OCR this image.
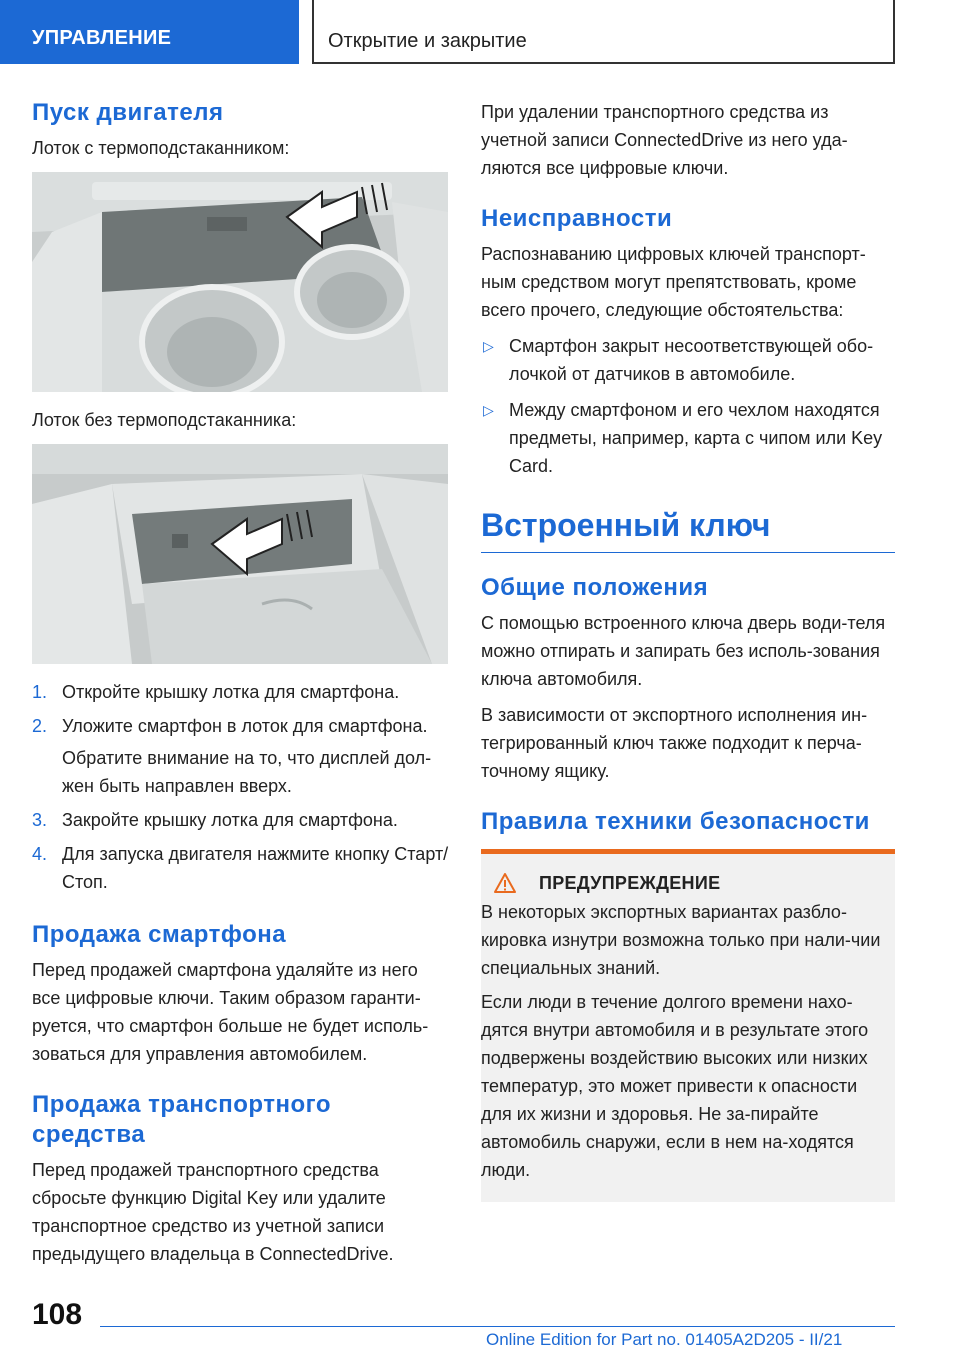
УПРАВЛЕНИЕ	Открытие и закрытие
Пуск двигателя

Лоток с термоподстаканником:

Лоток без термоподстаканника:

1. Откройте крышку лотка для смартфона.
2. Уложите смартфон в лоток для смартфона.

Обратите внимание на то, что дисплей дол-жен быть направлен вверх.

3. Закройте крышку лотка для смартфона.
4. Для запуска двигателя нажмите кнопку Старт/Стоп.
Продажа смартфона

Перед продажей смартфона удаляйте из него все цифровые ключи. Таким образом гаранти-руется, что смартфон больше не будет исполь-зоваться для управления автомобилем.

Продажа транспортного средства

Перед продажей транспортного средства сбросьте функцию Digital Key или удалите транспортное средство из учетной записи предыдущего владельца в ConnectedDrive.

При удалении транспортного средства из учетной записи ConnectedDrive из него уда-ляются все цифровые ключи.

Неисправности

Распознаванию цифровых ключей транспорт-ным средством могут препятствовать, кроме всего прочего, следующие обстоятельства:

▷ Смартфон закрыт несоответствующей обо-лочкой от датчиков в автомобиле.
▷ Между смартфоном и его чехлом находятся предметы, например, карта с чипом или Key Card.
Встроенный ключ
Общие положения

С помощью встроенного ключа дверь води-теля можно отпирать и запирать без исполь-зования ключа автомобиля.

В зависимости от экспортного исполнения ин-тегрированный ключ также подходит к перча-точному ящику.

Правила техники безопасности
ПРЕДУПРЕЖДЕНИЕ

В некоторых экспортных вариантах разбло-кировка изнутри возможна только при нали-чии специальных знаний.

Если люди в течение долгого времени нахо-дятся внутри автомобиля и в результате этого подвержены воздействию высоких или низких температур, это может привести к опасности для их жизни и здоровья. Не за-пирайте автомобиль снаружи, если в нем на-ходятся люди.

108
Online Edition for Part no. 01405A2D205 - II/21
